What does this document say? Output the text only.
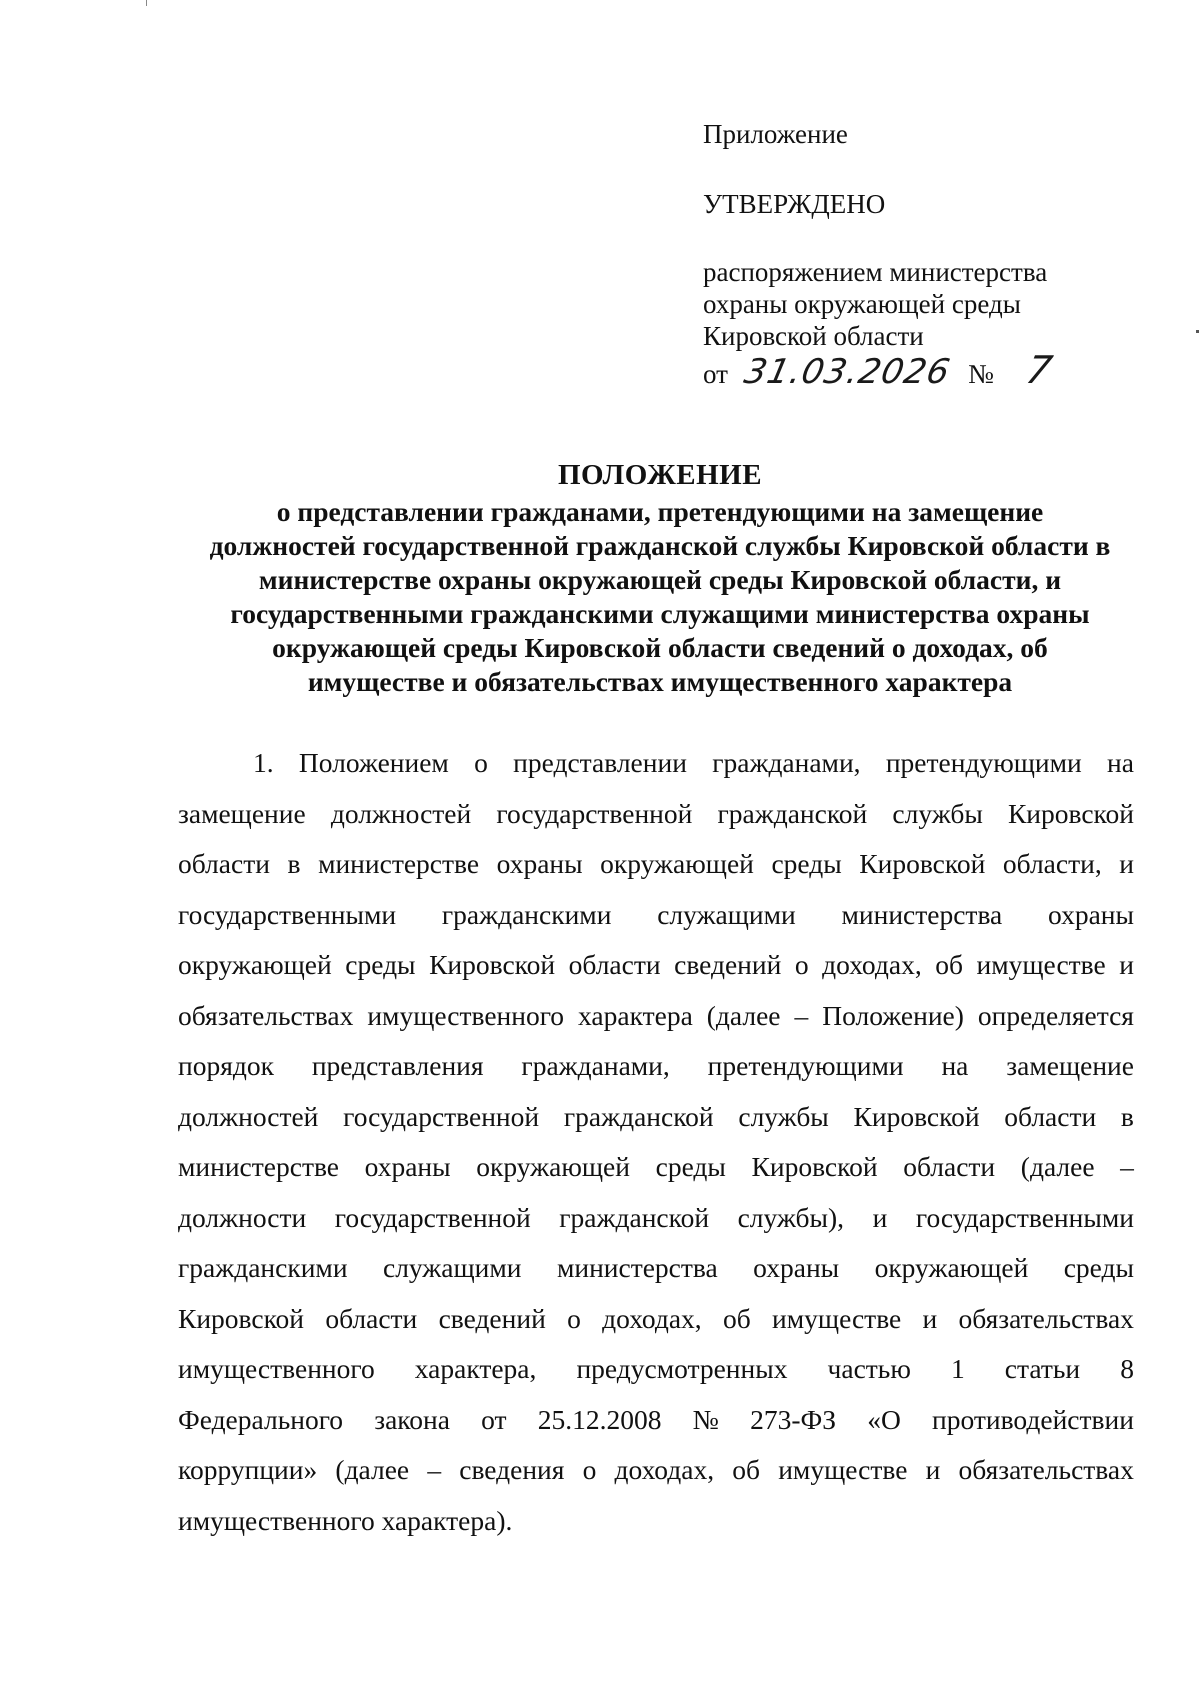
Приложение
УТВЕРЖДЕНО
распоряжением министерства
охраны окружающей среды
Кировской области
от 31.03.2026 № 7
ПОЛОЖЕНИЕ
о представлении гражданами, претендующими на замещение
должностей государственной гражданской службы Кировской области в
министерстве охраны окружающей среды Кировской области, и
государственными гражданскими служащими министерства охраны
окружающей среды Кировской области сведений о доходах, об
имуществе и обязательствах имущественного характера
1. Положением о представлении гражданами, претендующими на
замещение должностей государственной гражданской службы Кировской
области в министерстве охраны окружающей среды Кировской области, и
государственными гражданскими служащими министерства охраны
окружающей среды Кировской области сведений о доходах, об имуществе и
обязательствах имущественного характера (далее – Положение) определяется
порядок представления гражданами, претендующими на замещение
должностей государственной гражданской службы Кировской области в
министерстве охраны окружающей среды Кировской области (далее –
должности государственной гражданской службы), и государственными
гражданскими служащими министерства охраны окружающей среды
Кировской области сведений о доходах, об имуществе и обязательствах
имущественного характера, предусмотренных частью 1 статьи 8
Федерального закона от 25.12.2008 № 273-ФЗ «О противодействии
коррупции» (далее – сведения о доходах, об имуществе и обязательствах
имущественного
характера).
